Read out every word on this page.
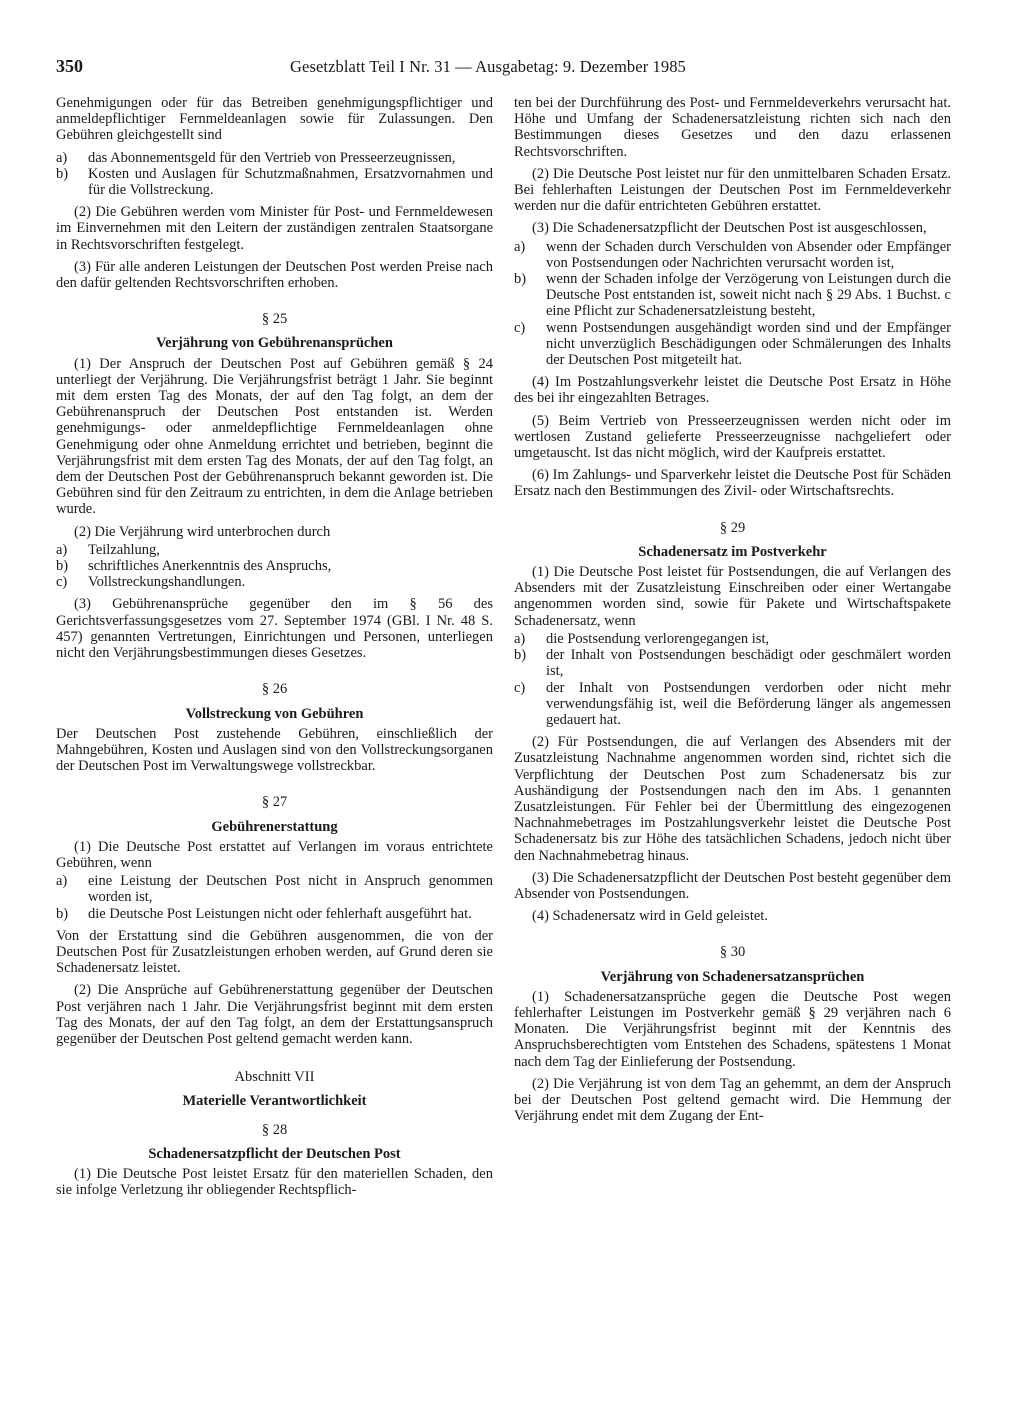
350	Gesetzblatt Teil I Nr. 31 — Ausgabetag: 9. Dezember 1985

Genehmigungen oder für das Betreiben genehmigungspflichtiger und anmeldepflichtiger Fernmeldeanlagen sowie für Zulassungen. Den Gebühren gleichgestellt sind

a) das Abonnementsgeld für den Vertrieb von Presseerzeugnissen,
b) Kosten und Auslagen für Schutzmaßnahmen, Ersatzvornahmen und für die Vollstreckung.

(2) Die Gebühren werden vom Minister für Post- und Fernmeldewesen im Einvernehmen mit den Leitern der zuständigen zentralen Staatsorgane in Rechtsvorschriften festgelegt.

(3) Für alle anderen Leistungen der Deutschen Post werden Preise nach den dafür geltenden Rechtsvorschriften erhoben.

§ 25
Verjährung von Gebührenansprüchen

(1) Der Anspruch der Deutschen Post auf Gebühren gemäß § 24 unterliegt der Verjährung. Die Verjährungsfrist beträgt 1 Jahr. Sie beginnt mit dem ersten Tag des Monats, der auf den Tag folgt, an dem der Gebührenanspruch der Deutschen Post entstanden ist. Werden genehmigungs- oder anmeldepflichtige Fernmeldeanlagen ohne Genehmigung oder ohne Anmeldung errichtet und betrieben, beginnt die Verjährungsfrist mit dem ersten Tag des Monats, der auf den Tag folgt, an dem der Deutschen Post der Gebührenanspruch bekannt geworden ist. Die Gebühren sind für den Zeitraum zu entrichten, in dem die Anlage betrieben wurde.

(2) Die Verjährung wird unterbrochen durch

a) Teilzahlung,
b) schriftliches Anerkenntnis des Anspruchs,
c) Vollstreckungshandlungen.

(3) Gebührenansprüche gegenüber den im § 56 des Gerichtsverfassungsgesetzes vom 27. September 1974 (GBl. I Nr. 48 S. 457) genannten Vertretungen, Einrichtungen und Personen, unterliegen nicht den Verjährungsbestimmungen dieses Gesetzes.

§ 26
Vollstreckung von Gebühren

Der Deutschen Post zustehende Gebühren, einschließlich der Mahngebühren, Kosten und Auslagen sind von den Vollstreckungsorganen der Deutschen Post im Verwaltungswege vollstreckbar.

§ 27
Gebührenerstattung

(1) Die Deutsche Post erstattet auf Verlangen im voraus entrichtete Gebühren, wenn

a) eine Leistung der Deutschen Post nicht in Anspruch genommen worden ist,
b) die Deutsche Post Leistungen nicht oder fehlerhaft ausgeführt hat.

Von der Erstattung sind die Gebühren ausgenommen, die von der Deutschen Post für Zusatzleistungen erhoben werden, auf Grund deren sie Schadenersatz leistet.

(2) Die Ansprüche auf Gebührenerstattung gegenüber der Deutschen Post verjähren nach 1 Jahr. Die Verjährungsfrist beginnt mit dem ersten Tag des Monats, der auf den Tag folgt, an dem der Erstattungsanspruch gegenüber der Deutschen Post geltend gemacht werden kann.

Abschnitt VII
Materielle Verantwortlichkeit
§ 28
Schadenersatzpflicht der Deutschen Post

(1) Die Deutsche Post leistet Ersatz für den materiellen Schaden, den sie infolge Verletzung ihr obliegender Rechtspflich-

ten bei der Durchführung des Post- und Fernmeldeverkehrs verursacht hat. Höhe und Umfang der Schadenersatzleistung richten sich nach den Bestimmungen dieses Gesetzes und den dazu erlassenen Rechtsvorschriften.

(2) Die Deutsche Post leistet nur für den unmittelbaren Schaden Ersatz. Bei fehlerhaften Leistungen der Deutschen Post im Fernmeldeverkehr werden nur die dafür entrichteten Gebühren erstattet.

(3) Die Schadenersatzpflicht der Deutschen Post ist ausgeschlossen,

a) wenn der Schaden durch Verschulden von Absender oder Empfänger von Postsendungen oder Nachrichten verursacht worden ist,
b) wenn der Schaden infolge der Verzögerung von Leistungen durch die Deutsche Post entstanden ist, soweit nicht nach § 29 Abs. 1 Buchst. c eine Pflicht zur Schadenersatzleistung besteht,
c) wenn Postsendungen ausgehändigt worden sind und der Empfänger nicht unverzüglich Beschädigungen oder Schmälerungen des Inhalts der Deutschen Post mitgeteilt hat.

(4) Im Postzahlungsverkehr leistet die Deutsche Post Ersatz in Höhe des bei ihr eingezahlten Betrages.

(5) Beim Vertrieb von Presseerzeugnissen werden nicht oder im wertlosen Zustand gelieferte Presseerzeugnisse nachgeliefert oder umgetauscht. Ist das nicht möglich, wird der Kaufpreis erstattet.

(6) Im Zahlungs- und Sparverkehr leistet die Deutsche Post für Schäden Ersatz nach den Bestimmungen des Zivil- oder Wirtschaftsrechts.

§ 29
Schadenersatz im Postverkehr

(1) Die Deutsche Post leistet für Postsendungen, die auf Verlangen des Absenders mit der Zusatzleistung Einschreiben oder einer Wertangabe angenommen worden sind, sowie für Pakete und Wirtschaftspakete Schadenersatz, wenn

a) die Postsendung verlorengegangen ist,
b) der Inhalt von Postsendungen beschädigt oder geschmälert worden ist,
c) der Inhalt von Postsendungen verdorben oder nicht mehr verwendungsfähig ist, weil die Beförderung länger als angemessen gedauert hat.

(2) Für Postsendungen, die auf Verlangen des Absenders mit der Zusatzleistung Nachnahme angenommen worden sind, richtet sich die Verpflichtung der Deutschen Post zum Schadenersatz bis zur Aushändigung der Postsendungen nach den im Abs. 1 genannten Zusatzleistungen. Für Fehler bei der Übermittlung des eingezogenen Nachnahmebetrages im Postzahlungsverkehr leistet die Deutsche Post Schadenersatz bis zur Höhe des tatsächlichen Schadens, jedoch nicht über den Nachnahmebetrag hinaus.

(3) Die Schadenersatzpflicht der Deutschen Post besteht gegenüber dem Absender von Postsendungen.

(4) Schadenersatz wird in Geld geleistet.

§ 30
Verjährung von Schadenersatzansprüchen

(1) Schadenersatzansprüche gegen die Deutsche Post wegen fehlerhafter Leistungen im Postverkehr gemäß § 29 verjähren nach 6 Monaten. Die Verjährungsfrist beginnt mit der Kenntnis des Anspruchsberechtigten vom Entstehen des Schadens, spätestens 1 Monat nach dem Tag der Einlieferung der Postsendung.

(2) Die Verjährung ist von dem Tag an gehemmt, an dem der Anspruch bei der Deutschen Post geltend gemacht wird. Die Hemmung der Verjährung endet mit dem Zugang der Ent-
